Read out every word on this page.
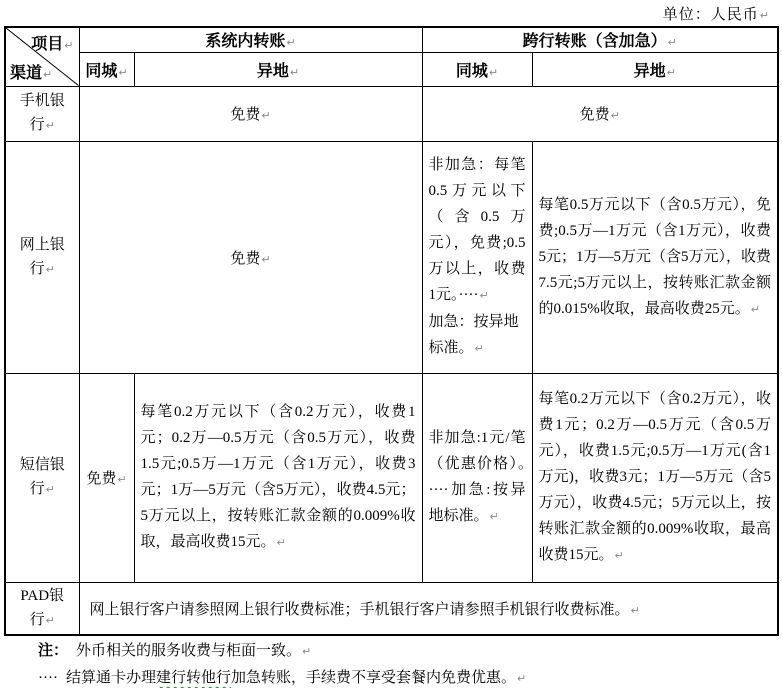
单位：人民币↵
项目↵
渠道↵	系统内转账↵		跨行转账（含加急）↵	
	同城↵	异地↵	同城↵	异地↵
手机银行↵	免费↵		免费↵	
网上银行↵	免费↵		非加急：每笔0.5万元以下（含0.5万元），免费;0.5万以上，收费1元。····↵
加急：按异地标准。↵	每笔0.5万元以下（含0.5万元），免费;0.5万—1万元（含1万元），收费5元；1万—5万元（含5万元），收费7.5元;5万元以上，按转账汇款金额的0.015%收取，最高收费25元。↵
短信银行↵	免费↵	每笔0.2万元以下（含0.2万元），收费1元；0.2万—0.5万元（含0.5万元），收费1.5元;0.5万—1万元（含1万元），收费3元；1万—5万元（含5万元），收费4.5元；5万元以上，按转账汇款金额的0.009%收取，最高收费15元。↵	非加急:1元/笔（优惠价格）。····加急:按异地标准。↵	每笔0.2万元以下（含0.2万元），收费1元；0.2万—0.5万元（含0.5万元），收费1.5元;0.5万—1万元(含1万元)，收费3元；1万—5万元（含5万元），收费4.5元；5万元以上，按转账汇款金额的0.009%收取，最高收费15元。↵
PAD银行↵	网上银行客户请参照网上银行收费标准；手机银行客户请参照手机银行收费标准。↵			
注： 外币相关的服务收费与柜面一致。↵
···· 结算通卡办理建行转他行加急转账，手续费不享受套餐内免费优惠。↵
